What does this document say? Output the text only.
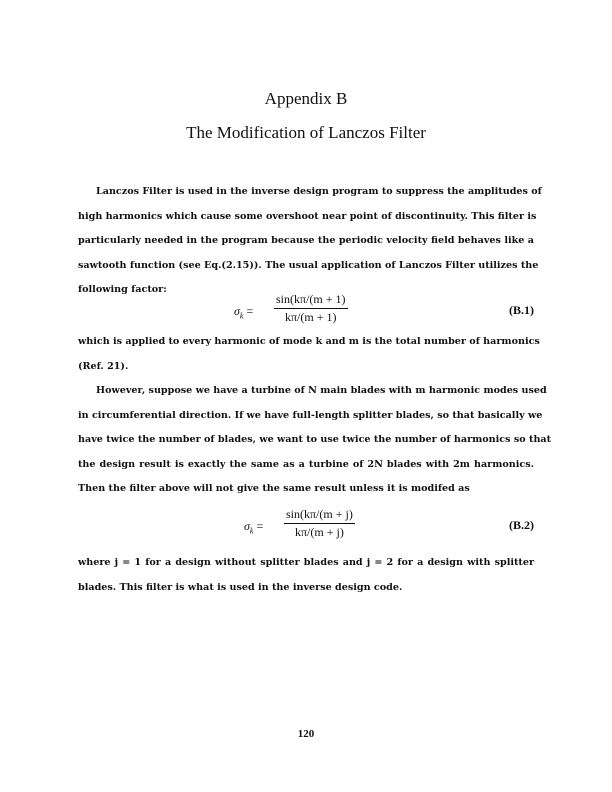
Appendix B
The Modification of Lanczos Filter
Lanczos Filter is used in the inverse design program to suppress the amplitudes of
high harmonics which cause some overshoot near point of discontinuity. This filter is
particularly needed in the program because the periodic velocity field behaves like a
sawtooth function (see Eq.(2.15)). The usual application of Lanczos Filter utilizes the
following factor:
$\sigma_k = \frac{\sin(k\pi/(m + 1)}{k\pi/(m + 1)}$	(B.1)
which is applied to every harmonic of mode k and m is the total number of harmonics
(Ref. 21).
However, suppose we have a turbine of N main blades with m harmonic modes used
in circumferential direction. If we have full-length splitter blades, so that basically we
have twice the number of blades, we want to use twice the number of harmonics so that
the design result is exactly the same as a turbine of 2N blades with 2m harmonics.
Then the filter above will not give the same result unless it is modifed as
$\sigma_k = \frac{\sin(k\pi/(m + j)}{k\pi/(m + j)}$	(B.2)
where j = 1 for a design without splitter blades and j = 2 for a design with splitter
blades. This filter is what is used in the inverse design code.
120
